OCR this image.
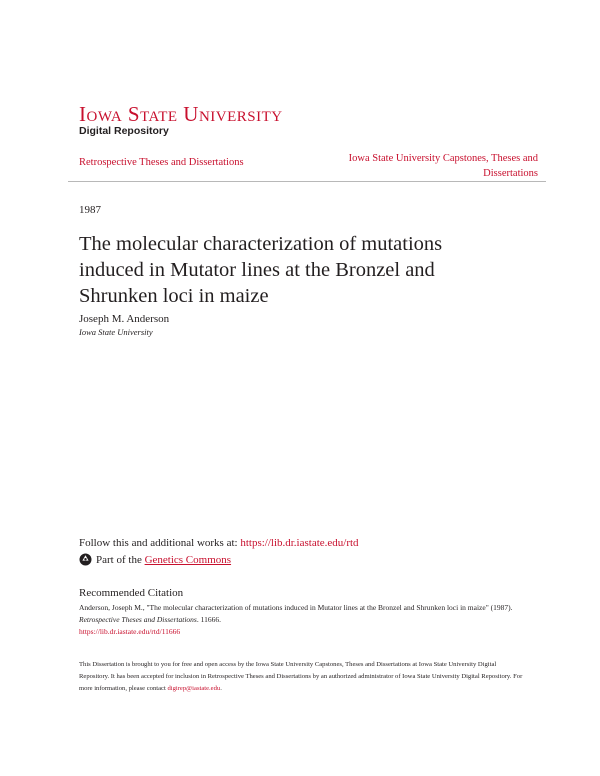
Iowa State University
Digital Repository
Retrospective Theses and Dissertations	Iowa State University Capstones, Theses and Dissertations
1987
The molecular characterization of mutations induced in Mutator lines at the Bronzel and Shrunken loci in maize
Joseph M. Anderson
Iowa State University
Follow this and additional works at: https://lib.dr.iastate.edu/rtd
Part of the
Genetics Commons
Recommended Citation
Anderson, Joseph M., "The molecular characterization of mutations induced in Mutator lines at the Bronzel and Shrunken loci in maize" (1987). Retrospective Theses and Dissertations. 11666.
https://lib.dr.iastate.edu/rtd/11666
This Dissertation is brought to you for free and open access by the Iowa State University Capstones, Theses and Dissertations at Iowa State University Digital Repository. It has been accepted for inclusion in Retrospective Theses and Dissertations by an authorized administrator of Iowa State University Digital Repository. For more information, please contact digirep@iastate.edu.
